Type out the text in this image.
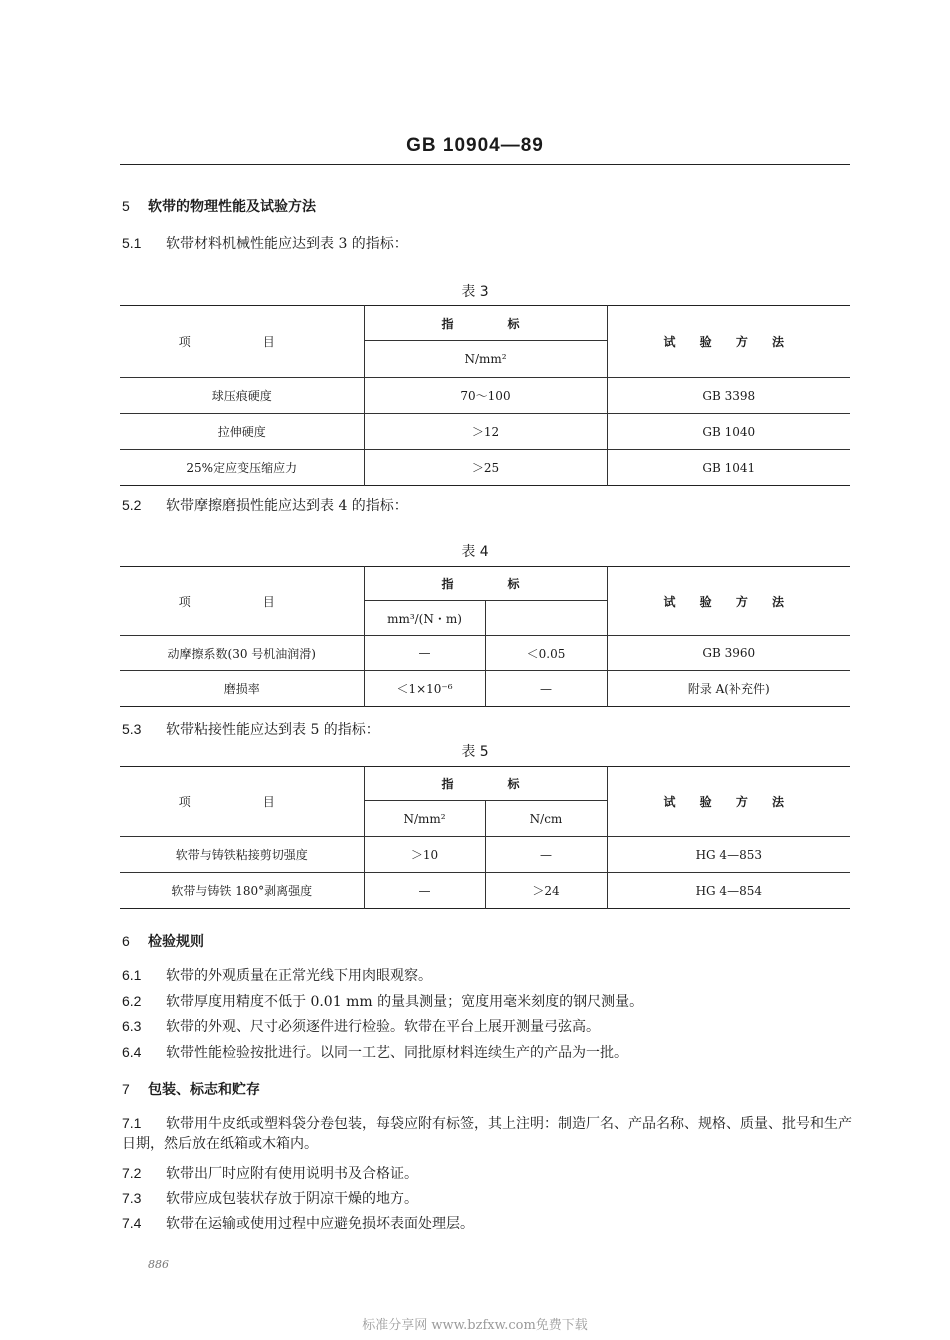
GB 10904—89
5 软带的物理性能及试验方法
5.1 软带材料机械性能应达到表 3 的指标：
表 3
项　目	指　　标	试 验 方 法
	N/mm²	
球压痕硬度	70～100	GB 3398
拉伸硬度	＞12	GB 1040
25%定应变压缩应力	＞25	GB 1041
5.2 软带摩擦磨损性能应达到表 4 的指标：
表 4
项　目	指　　标		试 验 方 法
	mm³/(N・m)		
动摩擦系数(30 号机油润滑)	—	＜0.05	GB 3960
磨损率	＜1×10⁻⁶	—	附录 A(补充件)
5.3 软带粘接性能应达到表 5 的指标：
表 5
项　目	指　　标		试 验 方 法
	N/mm²	N/cm	
软带与铸铁粘接剪切强度	＞10	—	HG 4—853
软带与铸铁 180°剥离强度	—	＞24	HG 4—854
6 检验规则
6.1 软带的外观质量在正常光线下用肉眼观察。
6.2 软带厚度用精度不低于 0.01 mm 的量具测量；宽度用毫米刻度的钢尺测量。
6.3 软带的外观、尺寸必须逐件进行检验。软带在平台上展开测量弓弦高。
6.4 软带性能检验按批进行。以同一工艺、同批原材料连续生产的产品为一批。
7 包装、标志和贮存
7.1 软带用牛皮纸或塑料袋分卷包装，每袋应附有标签，其上注明：制造厂名、产品名称、规格、质量、批号和生产日期，然后放在纸箱或木箱内。
7.2 软带出厂时应附有使用说明书及合格证。
7.3 软带应成包装状存放于阴凉干燥的地方。
7.4 软带在运输或使用过程中应避免损坏表面处理层。
886
标准分享网 www.bzfxw.com免费下载
